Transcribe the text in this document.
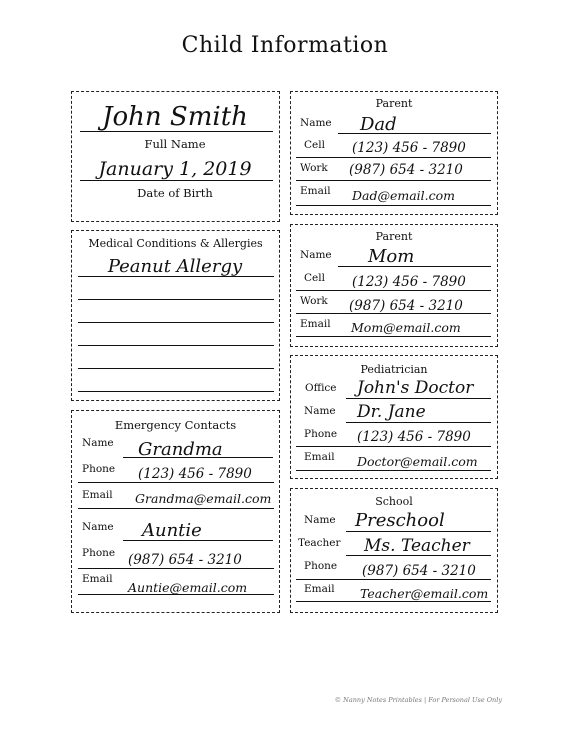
Child Information
John Smith
Full Name
January 1, 2019
Date of Birth
Medical Conditions & Allergies
Peanut Allergy
Emergency Contacts
Name Grandma
Phone (123) 456 - 7890
Email Grandma@email.com
Name Auntie
Phone (987) 654 - 3210
Email
Auntie@email.com
Parent
Name Dad
Cell (123) 456 - 7890
Work (987) 654 - 3210
Email Dad@email.com
Parent
Name Mom
Cell (123) 456 - 7890
Work (987) 654 - 3210
Email Mom@email.com
Pediatrician
Office John's Doctor
Name Dr. Jane
Phone (123) 456 - 7890
Email Doctor@email.com
School
Name Preschool
Teacher Ms. Teacher
Phone (987) 654 - 3210
Email Teacher@email.com
© Nanny Notes Printables | For Personal Use Only
